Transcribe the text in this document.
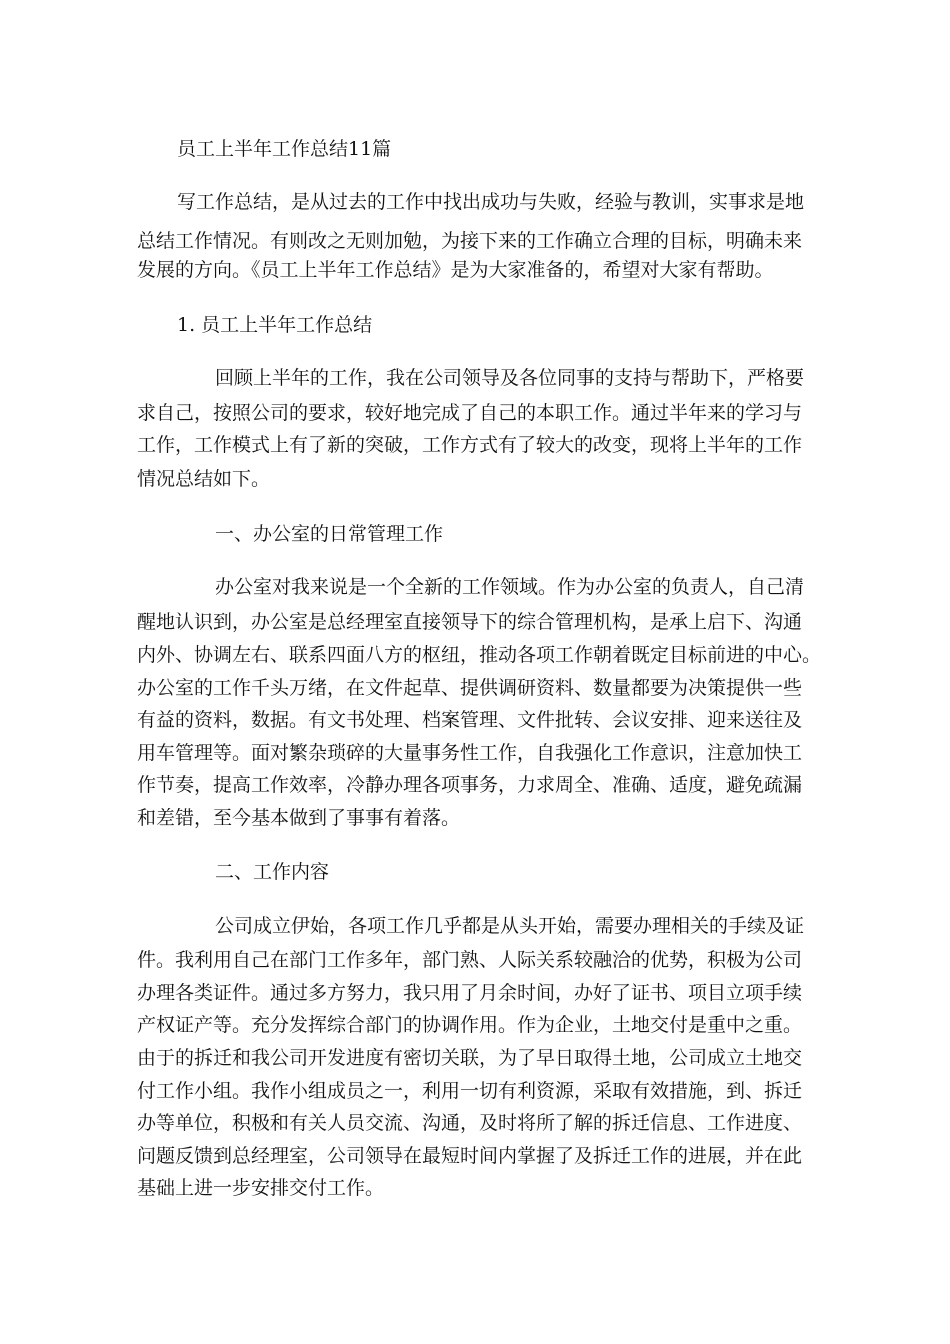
员工上半年工作总结11篇
写工作总结，是从过去的工作中找出成功与失败，经验与教训，实事求是地
总结工作情况。有则改之无则加勉，为接下来的工作确立合理的目标，明确未来
发展的方向。《员工上半年工作总结》是为大家准备的，希望对大家有帮助。
1. 员工上半年工作总结
回顾上半年的工作，我在公司领导及各位同事的支持与帮助下，严格要
求自己，按照公司的要求，较好地完成了自己的本职工作。通过半年来的学习与
工作，工作模式上有了新的突破，工作方式有了较大的改变，现将上半年的工作
情况总结如下。
一、办公室的日常管理工作
办公室对我来说是一个全新的工作领域。作为办公室的负责人，自己清
醒地认识到，办公室是总经理室直接领导下的综合管理机构，是承上启下、沟通
内外、协调左右、联系四面八方的枢纽，推动各项工作朝着既定目标前进的中心。
办公室的工作千头万绪，在文件起草、提供调研资料、数量都要为决策提供一些
有益的资料，数据。有文书处理、档案管理、文件批转、会议安排、迎来送往及
用车管理等。面对繁杂琐碎的大量事务性工作，自我强化工作意识，注意加快工
作节奏，提高工作效率，冷静办理各项事务，力求周全、准确、适度，避免疏漏
和差错，至今基本做到了事事有着落。
二、工作内容
公司成立伊始，各项工作几乎都是从头开始，需要办理相关的手续及证
件。我利用自己在部门工作多年，部门熟、人际关系较融洽的优势，积极为公司
办理各类证件。通过多方努力，我只用了月余时间，办好了证书、项目立项手续
产权证产等。充分发挥综合部门的协调作用。作为企业，土地交付是重中之重。
由于的拆迁和我公司开发进度有密切关联，为了早日取得土地，公司成立土地交
付工作小组。我作小组成员之一，利用一切有利资源，采取有效措施，到、拆迁
办等单位，积极和有关人员交流、沟通，及时将所了解的拆迁信息、工作进度、
问题反馈到总经理室，公司领导在最短时间内掌握了及拆迁工作的进展，并在此
基础上进一步安排交付工作。
